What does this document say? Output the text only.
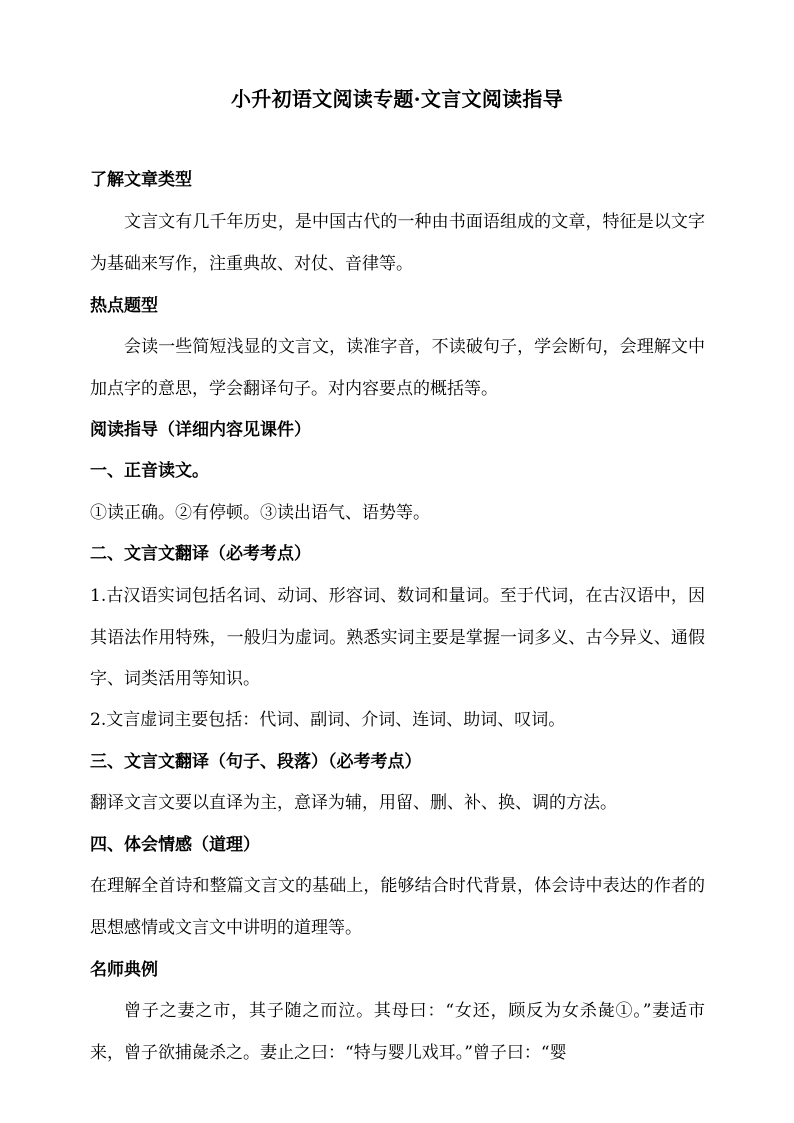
小升初语文阅读专题·文言文阅读指导
了解文章类型

文言文有几千年历史，是中国古代的一种由书面语组成的文章，特征是以文字为基础来写作，注重典故、对仗、音律等。

热点题型

会读一些简短浅显的文言文，读准字音，不读破句子，学会断句，会理解文中加点字的意思，学会翻译句子。对内容要点的概括等。

阅读指导（详细内容见课件）
一、正音读文。

①读正确。②有停顿。③读出语气、语势等。

二、文言文翻译（必考考点）

1.古汉语实词包括名词、动词、形容词、数词和量词。至于代词，在古汉语中，因其语法作用特殊，一般归为虚词。熟悉实词主要是掌握一词多义、古今异义、通假字、词类活用等知识。

2.文言虚词主要包括：代词、副词、介词、连词、助词、叹词。

三、文言文翻译（句子、段落）（必考考点）

翻译文言文要以直译为主，意译为辅，用留、删、补、换、调的方法。

四、体会情感（道理）

在理解全首诗和整篇文言文的基础上，能够结合时代背景，体会诗中表达的作者的思想感情或文言文中讲明的道理等。

名师典例

曾子之妻之市，其子随之而泣。其母曰：“女还，顾反为女杀彘①。”妻适市来，曾子欲捕彘杀之。妻止之曰：“特与婴儿戏耳。”曾子曰：“婴
